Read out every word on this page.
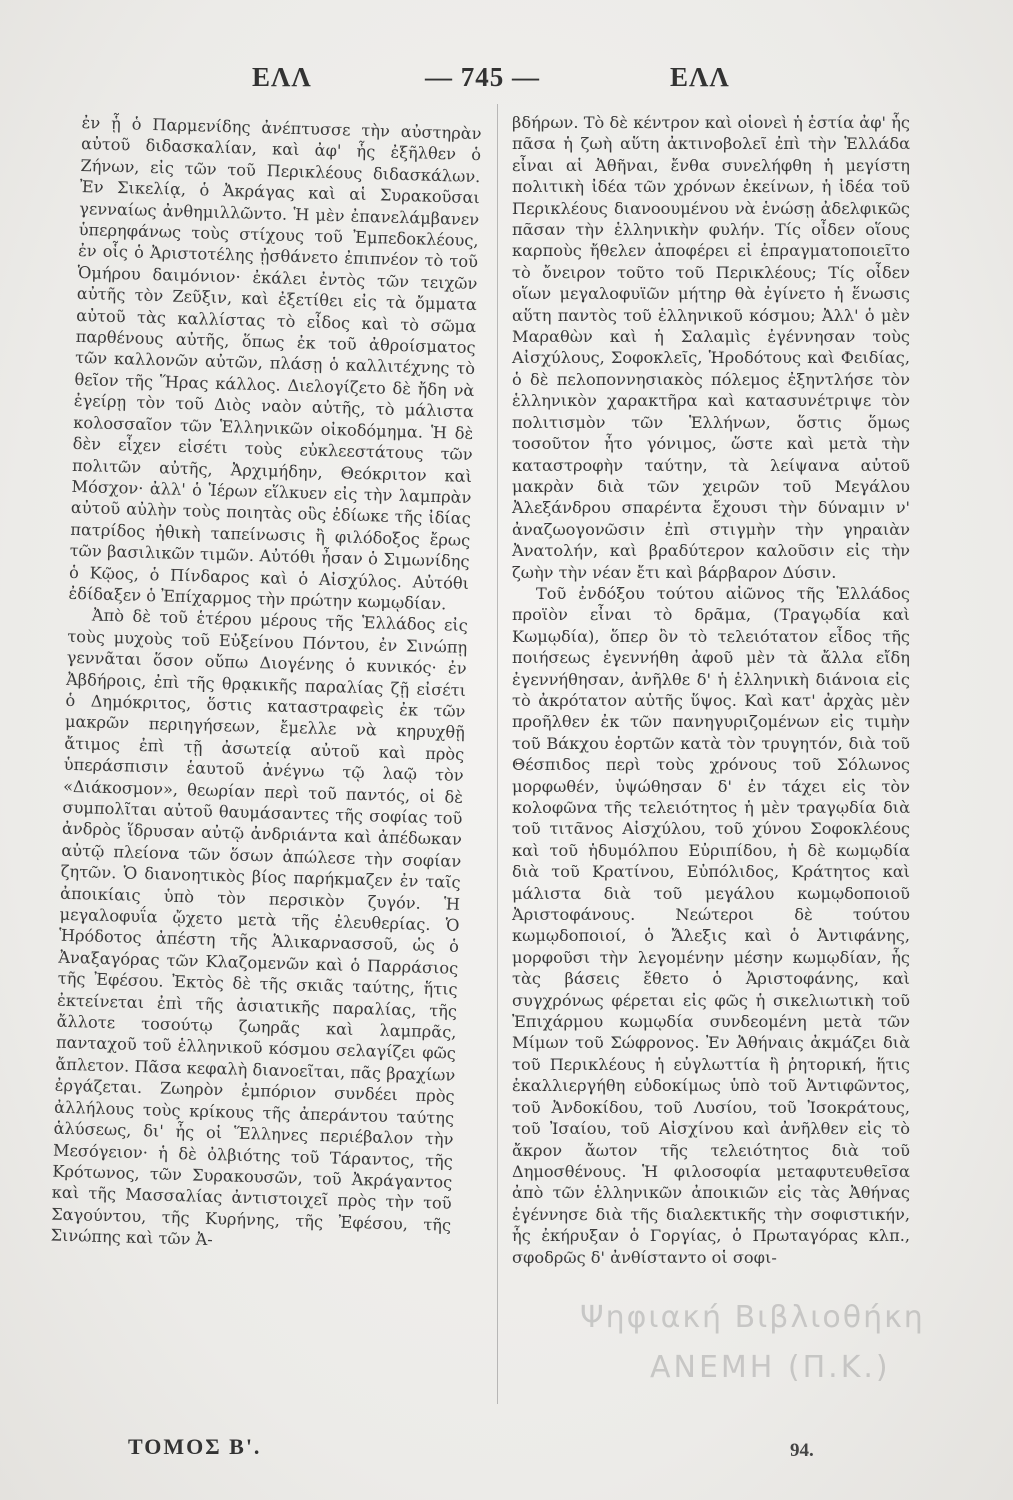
ΕΛΛ	— 745 —	ΕΛΛ

ἐν ᾗ ὁ Παρμενίδης ἀνέπτυσσε τὴν αὐστηρὰν αὐτοῦ διδασκαλίαν, καὶ ἀφ' ἧς ἐξῆλθεν ὁ Ζήνων, εἰς τῶν τοῦ Περικλέους διδασκάλων. Ἐν Σικελίᾳ, ὁ Ἀκράγας καὶ αἱ Συρακοῦσαι γενναίως ἀνθημιλλῶντο. Ἡ μὲν ἐπανελάμβανεν ὑπερηφάνως τοὺς στίχους τοῦ Ἐμπεδοκλέους, ἐν οἷς ὁ Ἀριστοτέλης ᾐσθάνετο ἐπιπνέον τὸ τοῦ Ὁμήρου δαιμόνιον· ἐκάλει ἐντὸς τῶν τειχῶν αὐτῆς τὸν Ζεῦξιν, καὶ ἐξετίθει εἰς τὰ ὄμματα αὐτοῦ τὰς καλλίστας τὸ εἶδος καὶ τὸ σῶμα παρθένους αὐτῆς, ὅπως ἐκ τοῦ ἀθροίσματος τῶν καλλονῶν αὐτῶν, πλάσῃ ὁ καλλιτέχνης τὸ θεῖον τῆς Ἥρας κάλλος. Διελογίζετο δὲ ἤδη νὰ ἐγείρῃ τὸν τοῦ Διὸς ναὸν αὐτῆς, τὸ μάλιστα κολοσσαῖον τῶν Ἑλληνικῶν οἰκοδόμημα. Ἡ δὲ δὲν εἶχεν εἰσέτι τοὺς εὐκλεεστάτους τῶν πολιτῶν αὐτῆς, Ἀρχιμήδην, Θεόκριτον καὶ Μόσχον· ἀλλ' ὁ Ἱέρων εἵλκυεν εἰς τὴν λαμπρὰν αὐτοῦ αὐλὴν τοὺς ποιητὰς οὓς ἐδίωκε τῆς ἰδίας πατρίδος ἠθικὴ ταπείνωσις ἢ φιλόδοξος ἔρως τῶν βασιλικῶν τιμῶν. Αὐτόθι ἦσαν ὁ Σιμωνίδης ὁ Κῷος, ὁ Πίνδαρος καὶ ὁ Αἰσχύλος. Αὐτόθι ἐδίδαξεν ὁ Ἐπίχαρμος τὴν πρώτην κωμῳδίαν.

Ἀπὸ δὲ τοῦ ἑτέρου μέρους τῆς Ἑλλάδος εἰς τοὺς μυχοὺς τοῦ Εὐξείνου Πόντου, ἐν Σινώπῃ γεννᾶται ὅσον οὔπω Διογένης ὁ κυνικός· ἐν Ἀβδήροις, ἐπὶ τῆς θρᾳκικῆς παραλίας ζῇ εἰσέτι ὁ Δημόκριτος, ὅστις καταστραφεὶς ἐκ τῶν μακρῶν περιηγήσεων, ἔμελλε νὰ κηρυχθῇ ἄτιμος ἐπὶ τῇ ἀσωτείᾳ αὐτοῦ καὶ πρὸς ὑπεράσπισιν ἑαυτοῦ ἀνέγνω τῷ λαῷ τὸν «Διάκοσμον», θεωρίαν περὶ τοῦ παντός, οἱ δὲ συμπολῖται αὐτοῦ θαυμάσαντες τῆς σοφίας τοῦ ἀνδρὸς ἵδρυσαν αὐτῷ ἀνδριάντα καὶ ἀπέδωκαν αὐτῷ πλείονα τῶν ὅσων ἀπώλεσε τὴν σοφίαν ζητῶν. Ὁ διανοητικὸς βίος παρήκμαζεν ἐν ταῖς ἀποικίαις ὑπὸ τὸν περσικὸν ζυγόν. Ἡ μεγαλοφυΐα ᾤχετο μετὰ τῆς ἐλευθερίας. Ὁ Ἡρόδοτος ἀπέστη τῆς Ἁλικαρνασσοῦ, ὡς ὁ Ἀναξαγόρας τῶν Κλαζομενῶν καὶ ὁ Παρράσιος τῆς Ἐφέσου. Ἐκτὸς δὲ τῆς σκιᾶς ταύτης, ἥτις ἐκτείνεται ἐπὶ τῆς ἀσιατικῆς παραλίας, τῆς ἄλλοτε τοσούτῳ ζωηρᾶς καὶ λαμπρᾶς, πανταχοῦ τοῦ ἑλληνικοῦ κόσμου σελαγίζει φῶς ἄπλετον. Πᾶσα κεφαλὴ διανοεῖται, πᾶς βραχίων ἐργάζεται. Ζωηρὸν ἐμπόριον συνδέει πρὸς ἀλλήλους τοὺς κρίκους τῆς ἀπεράντου ταύτης ἁλύσεως, δι' ἧς οἱ Ἕλληνες περιέβαλον τὴν Μεσόγειον· ἡ δὲ ὀλβιότης τοῦ Τάραντος, τῆς Κρότωνος, τῶν Συρακουσῶν, τοῦ Ἀκράγαντος καὶ τῆς Μασσαλίας ἀντιστοιχεῖ πρὸς τὴν τοῦ Σαγούντου, τῆς Κυρήνης, τῆς Ἐφέσου, τῆς Σινώπης καὶ τῶν Ἀ-

βδήρων. Τὸ δὲ κέντρον καὶ οἱονεὶ ἡ ἑστία ἀφ' ἧς πᾶσα ἡ ζωὴ αὕτη ἀκτινοβολεῖ ἐπὶ τὴν Ἑλλάδα εἶναι αἱ Ἀθῆναι, ἔνθα συνελήφθη ἡ μεγίστη πολιτικὴ ἰδέα τῶν χρόνων ἐκείνων, ἡ ἰδέα τοῦ Περικλέους διανοουμένου νὰ ἑνώσῃ ἀδελφικῶς πᾶσαν τὴν ἑλληνικὴν φυλήν. Τίς οἶδεν οἵους καρποὺς ἤθελεν ἀποφέρει εἰ ἐπραγματοποιεῖτο τὸ ὄνειρον τοῦτο τοῦ Περικλέους; Τίς οἶδεν οἵων μεγαλοφυϊῶν μήτηρ θὰ ἐγίνετο ἡ ἕνωσις αὕτη παντὸς τοῦ ἑλληνικοῦ κόσμου; Ἀλλ' ὁ μὲν Μαραθὼν καὶ ἡ Σαλαμὶς ἐγέννησαν τοὺς Αἰσχύλους, Σοφοκλεῖς, Ἡροδότους καὶ Φειδίας, ὁ δὲ πελοποννησιακὸς πόλεμος ἐξηντλήσε τὸν ἑλληνικὸν χαρακτῆρα καὶ κατασυνέτριψε τὸν πολιτισμὸν τῶν Ἑλλήνων, ὅστις ὅμως τοσοῦτον ἦτο γόνιμος, ὥστε καὶ μετὰ τὴν καταστροφὴν ταύτην, τὰ λείψανα αὐτοῦ μακρὰν διὰ τῶν χειρῶν τοῦ Μεγάλου Ἀλεξάνδρου σπαρέντα ἔχουσι τὴν δύναμιν ν' ἀναζωογονῶσιν ἐπὶ στιγμὴν τὴν γηραιὰν Ἀνατολήν, καὶ βραδύτερον καλοῦσιν εἰς τὴν ζωὴν τὴν νέαν ἔτι καὶ βάρβαρον Δύσιν.

Τοῦ ἐνδόξου τούτου αἰῶνος τῆς Ἑλλάδος προϊὸν εἶναι τὸ δρᾶμα, (Τραγῳδία καὶ Κωμῳδία), ὅπερ ὂν τὸ τελειότατον εἶδος τῆς ποιήσεως ἐγεννήθη ἀφοῦ μὲν τὰ ἄλλα εἴδη ἐγεννήθησαν, ἀνῆλθε δ' ἡ ἑλληνικὴ διάνοια εἰς τὸ ἀκρότατον αὐτῆς ὕψος. Καὶ κατ' ἀρχὰς μὲν προῆλθεν ἐκ τῶν πανηγυριζομένων εἰς τιμὴν τοῦ Βάκχου ἑορτῶν κατὰ τὸν τρυγητόν, διὰ τοῦ Θέσπιδος περὶ τοὺς χρόνους τοῦ Σόλωνος μορφωθέν, ὑψώθησαν δ' ἐν τάχει εἰς τὸν κολοφῶνα τῆς τελειότητος ἡ μὲν τραγῳδία διὰ τοῦ τιτᾶνος Αἰσχύλου, τοῦ χύνου Σοφοκλέους καὶ τοῦ ἡδυμόλπου Εὐριπίδου, ἡ δὲ κωμῳδία διὰ τοῦ Κρατίνου, Εὐπόλιδος, Κράτητος καὶ μάλιστα διὰ τοῦ μεγάλου κωμῳδοποιοῦ Ἀριστοφάνους. Νεώτεροι δὲ τούτου κωμῳδοποιοί, ὁ Ἄλεξις καὶ ὁ Ἀντιφάνης, μορφοῦσι τὴν λεγομένην μέσην κωμῳδίαν, ἧς τὰς βάσεις ἔθετο ὁ Ἀριστοφάνης, καὶ συγχρόνως φέρεται εἰς φῶς ἡ σικελιωτικὴ τοῦ Ἐπιχάρμου κωμῳδία συνδεομένη μετὰ τῶν Μίμων τοῦ Σώφρονος. Ἐν Ἀθήναις ἀκμάζει διὰ τοῦ Περικλέους ἡ εὐγλωττία ἢ ῥητορική, ἥτις ἐκαλλιεργήθη εὐδοκίμως ὑπὸ τοῦ Ἀντιφῶντος, τοῦ Ἀνδοκίδου, τοῦ Λυσίου, τοῦ Ἰσοκράτους, τοῦ Ἰσαίου, τοῦ Αἰσχίνου καὶ ἀνῆλθεν εἰς τὸ ἄκρον ἄωτον τῆς τελειότητος διὰ τοῦ Δημοσθένους. Ἡ φιλοσοφία μεταφυτευθεῖσα ἀπὸ τῶν ἑλληνικῶν ἀποικιῶν εἰς τὰς Ἀθήνας ἐγέννησε διὰ τῆς διαλεκτικῆς τὴν σοφιστικήν, ἧς ἐκήρυξαν ὁ Γοργίας, ὁ Πρωταγόρας κλπ., σφοδρῶς δ' ἀνθίσταντο οἱ σοφι-

Ψηφιακή Βιβλιοθήκη
ΑΝΕΜΗ (Π.Κ.)
ΤΟΜΟΣ Β'.	94.
